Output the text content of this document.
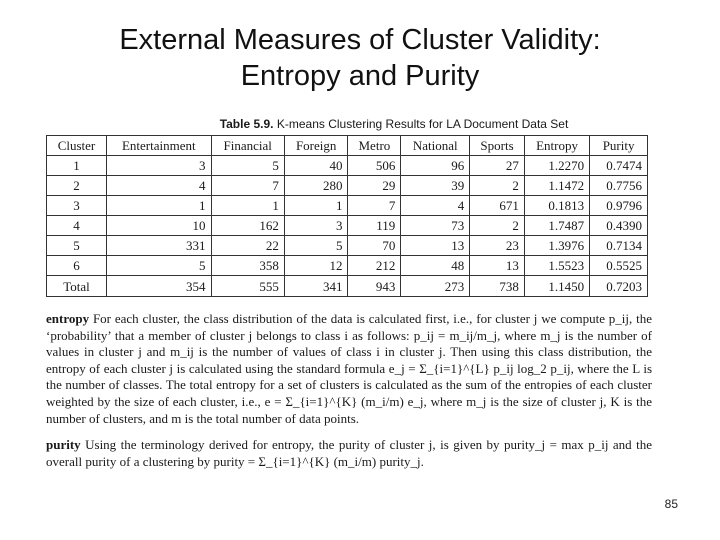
External Measures of Cluster Validity:
Entropy and Purity
Table 5.9. K-means Clustering Results for LA Document Data Set
Cluster	Entertainment	Financial	Foreign	Metro	National	Sports	Entropy	Purity
1	3	5	40	506	96	27	1.2270	0.7474
2	4	7	280	29	39	2	1.1472	0.7756
3	1	1	1	7	4	671	0.1813	0.9796
4	10	162	3	119	73	2	1.7487	0.4390
5	331	22	5	70	13	23	1.3976	0.7134
6	5	358	12	212	48	13	1.5523	0.5525
Total	354	555	341	943	273	738	1.1450	0.7203
entropy For each cluster, the class distribution of the data is calculated first, i.e., for cluster j we compute p_ij, the ‘probability’ that a member of cluster j belongs to class i as follows: p_ij = m_ij/m_j, where m_j is the number of values in cluster j and m_ij is the number of values of class i in cluster j. Then using this class distribution, the entropy of each cluster j is calculated using the standard formula e_j = Σ_{i=1}^{L} p_ij log_2 p_ij, where the L is the number of classes. The total entropy for a set of clusters is calculated as the sum of the entropies of each cluster weighted by the size of each cluster, i.e., e = Σ_{i=1}^{K} (m_i/m) e_j, where m_j is the size of cluster j, K is the number of clusters, and m is the total number of data points.
purity Using the terminology derived for entropy, the purity of cluster j, is given by purity_j = max p_ij and the overall purity of a clustering by purity = Σ_{i=1}^{K} (m_i/m) purity_j.
85
